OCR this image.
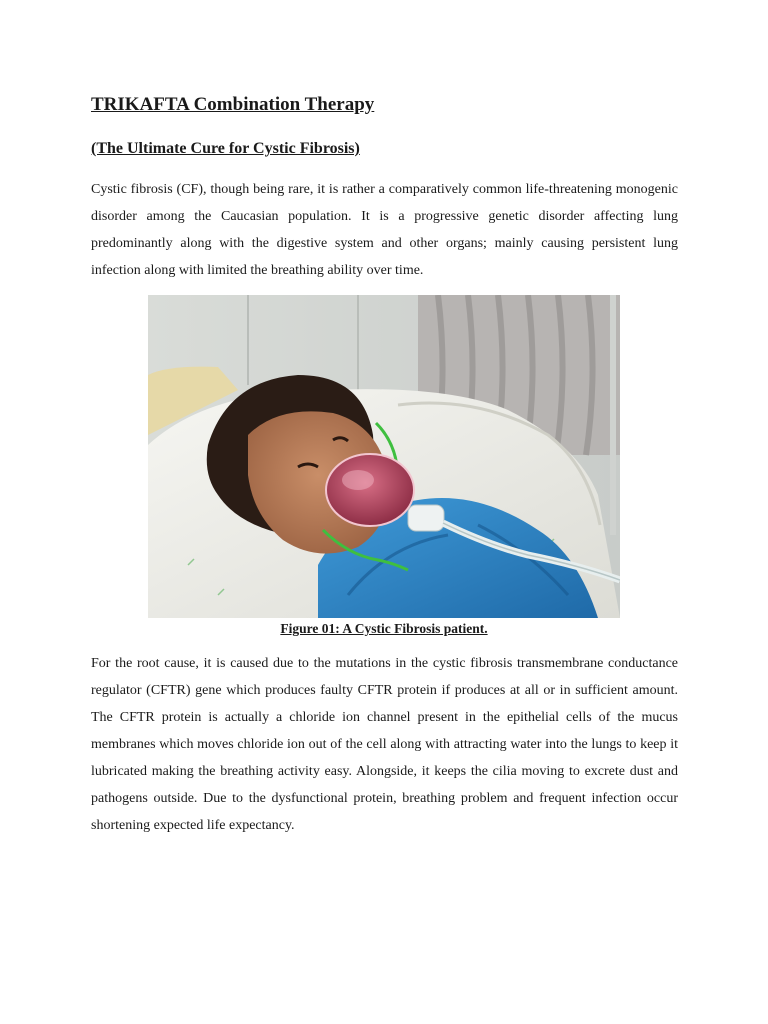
TRIKAFTA Combination Therapy
(The Ultimate Cure for Cystic Fibrosis)

Cystic fibrosis (CF), though being rare, it is rather a comparatively common life-threatening monogenic disorder among the Caucasian population. It is a progressive genetic disorder affecting lung predominantly along with the digestive system and other organs; mainly causing persistent lung infection along with limited the breathing ability over time.

Figure 01: A Cystic Fibrosis patient.

For the root cause, it is caused due to the mutations in the cystic fibrosis transmembrane conductance regulator (CFTR) gene which produces faulty CFTR protein if produces at all or in sufficient amount. The CFTR protein is actually a chloride ion channel present in the epithelial cells of the mucus membranes which moves chloride ion out of the cell along with attracting water into the lungs to keep it lubricated making the breathing activity easy. Alongside, it keeps the cilia moving to excrete dust and pathogens outside. Due to the dysfunctional protein, breathing problem and frequent infection occur shortening expected life expectancy.
